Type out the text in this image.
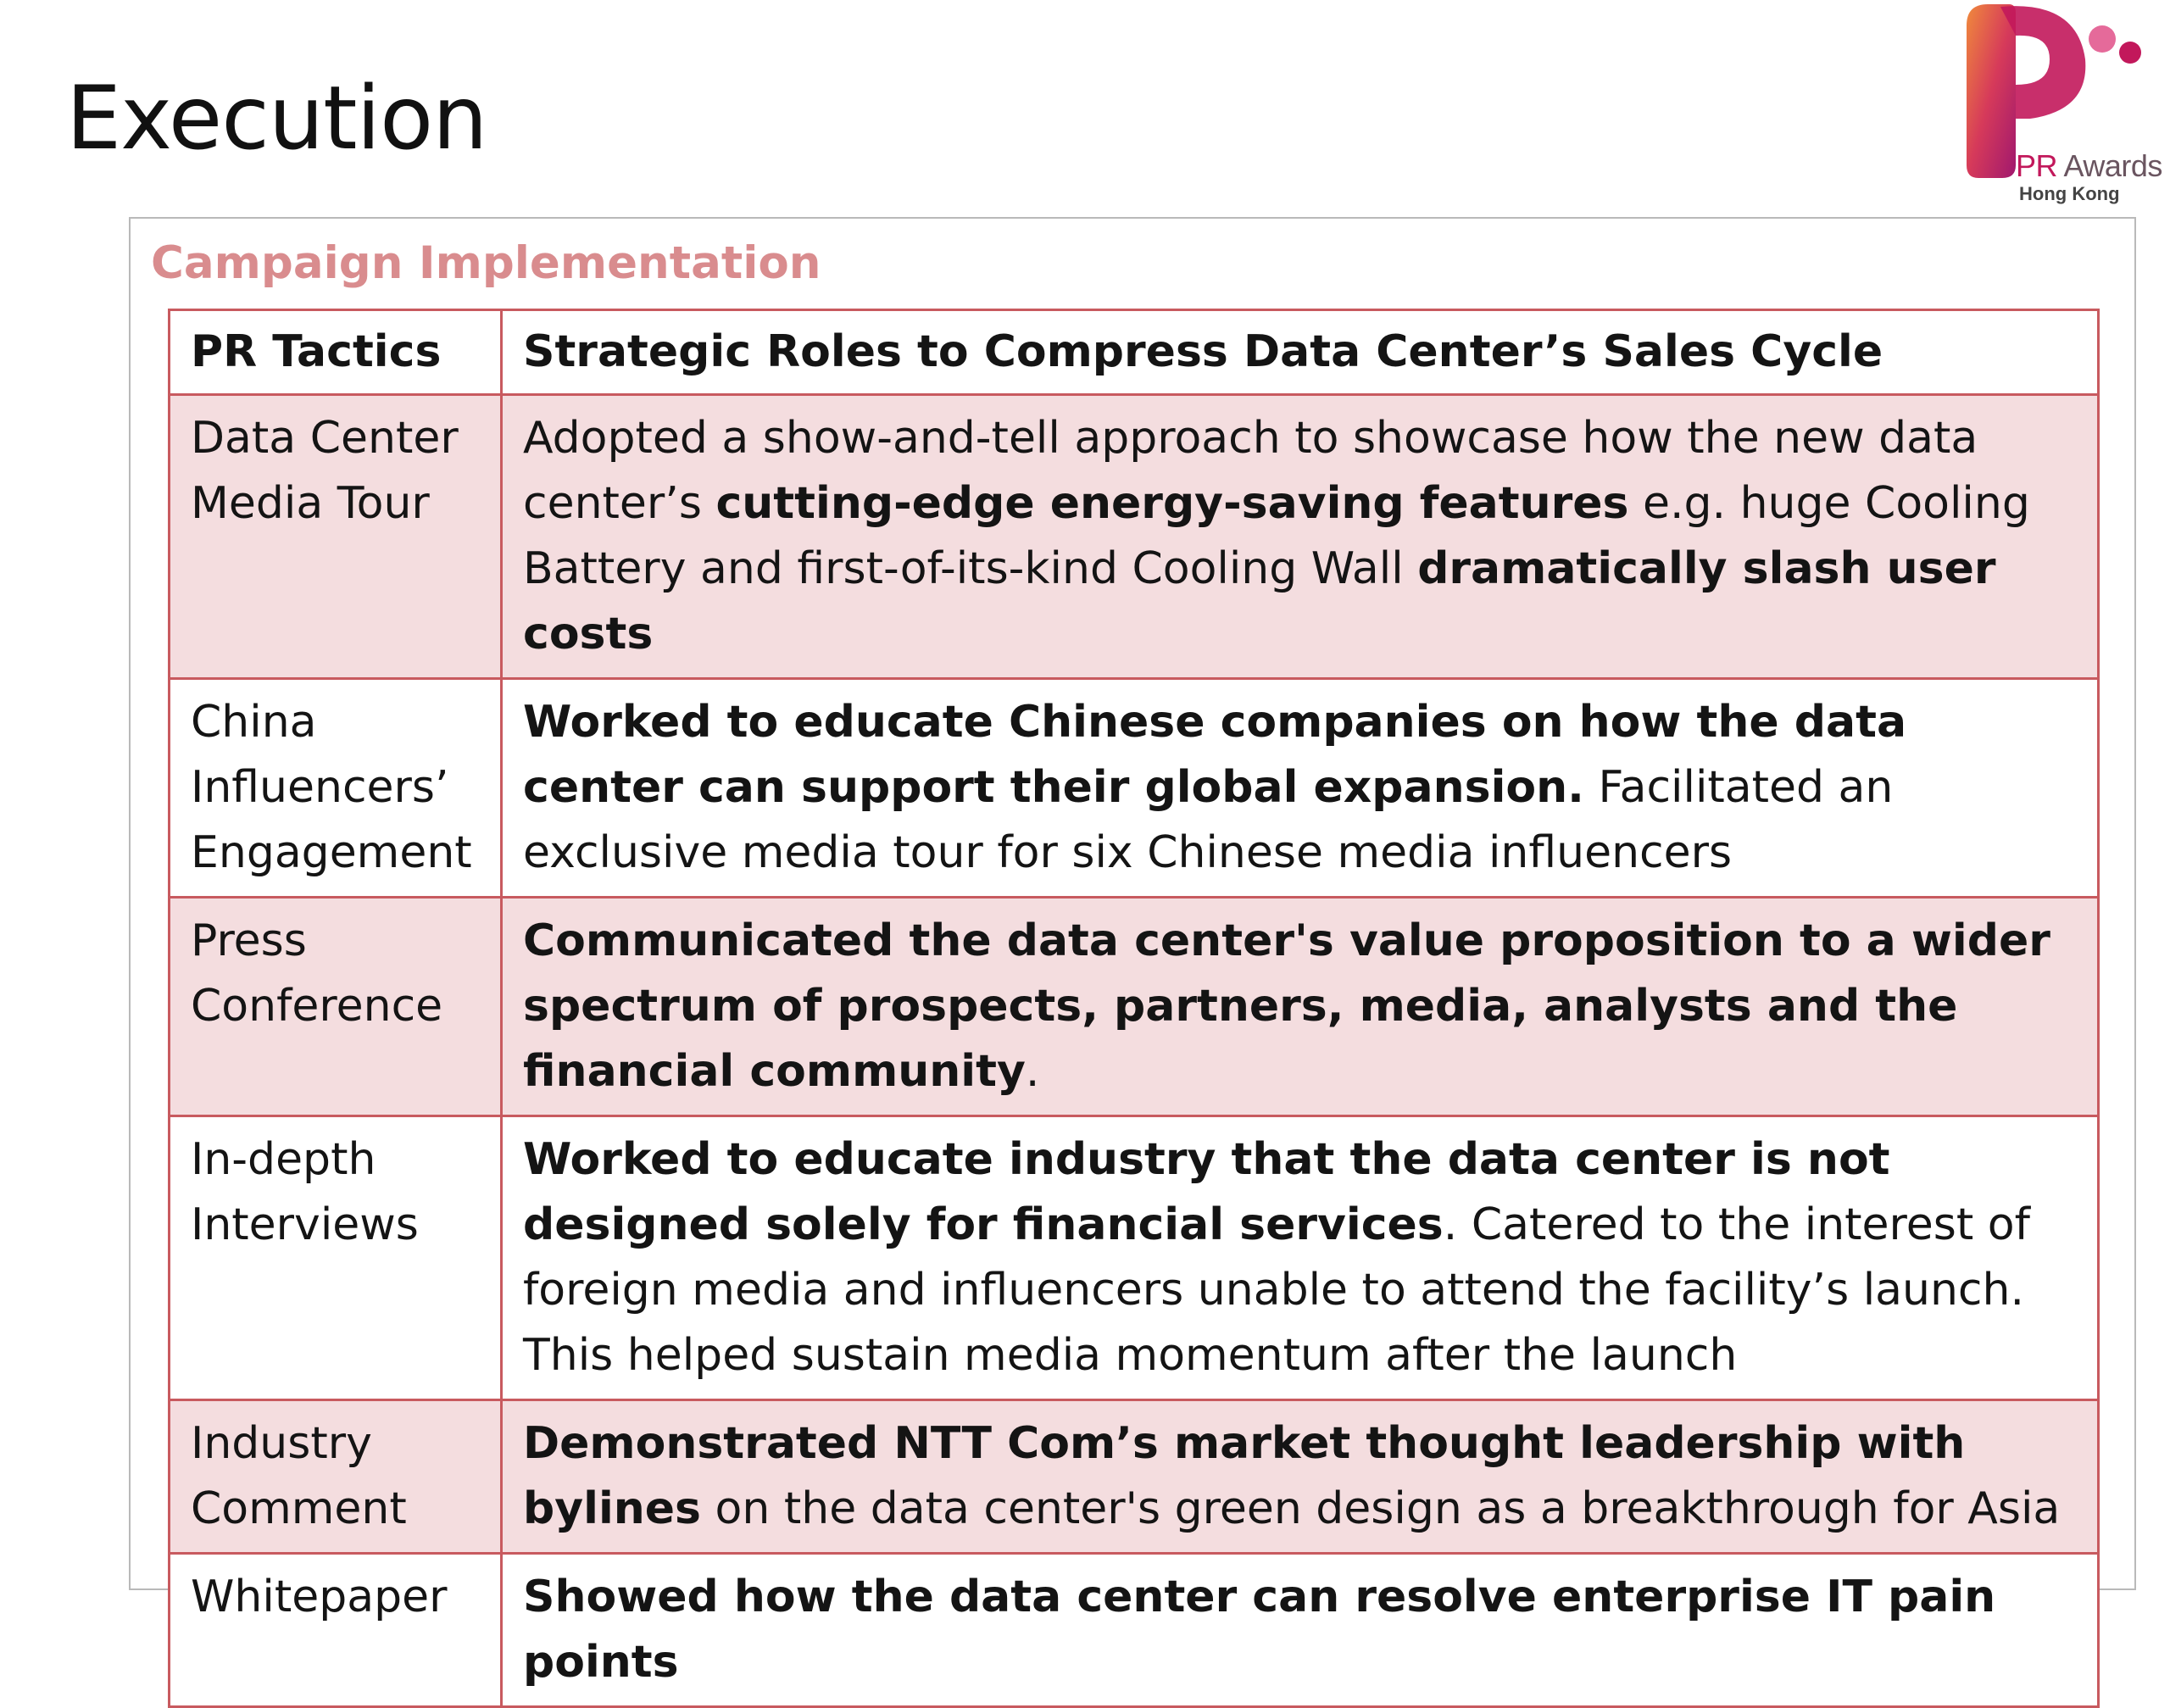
Execution	PR Awards
Hong Kong
Campaign Implementation
PR Tactics	Strategic Roles to Compress Data Center’s Sales Cycle
Data Center Media Tour	Adopted a show-and-tell approach to showcase how the new data center’s cutting-edge energy-saving features e.g. huge Cooling Battery and first-of-its-kind Cooling Wall dramatically slash user costs
China Influencers’ Engagement	Worked to educate Chinese companies on how the data center can support their global expansion. Facilitated an exclusive media tour for six Chinese media influencers
Press Conference	Communicated the data center's value proposition to a wider spectrum of prospects, partners, media, analysts and the financial community.
In-depth Interviews	Worked to educate industry that the data center is not designed solely for financial services. Catered to the interest of foreign media and influencers unable to attend the facility’s launch. This helped sustain media momentum after the launch
Industry Comment	Demonstrated NTT Com’s market thought leadership with bylines on the data center's green design as a breakthrough for Asia
Whitepaper	Showed how the data center can resolve enterprise IT pain points
